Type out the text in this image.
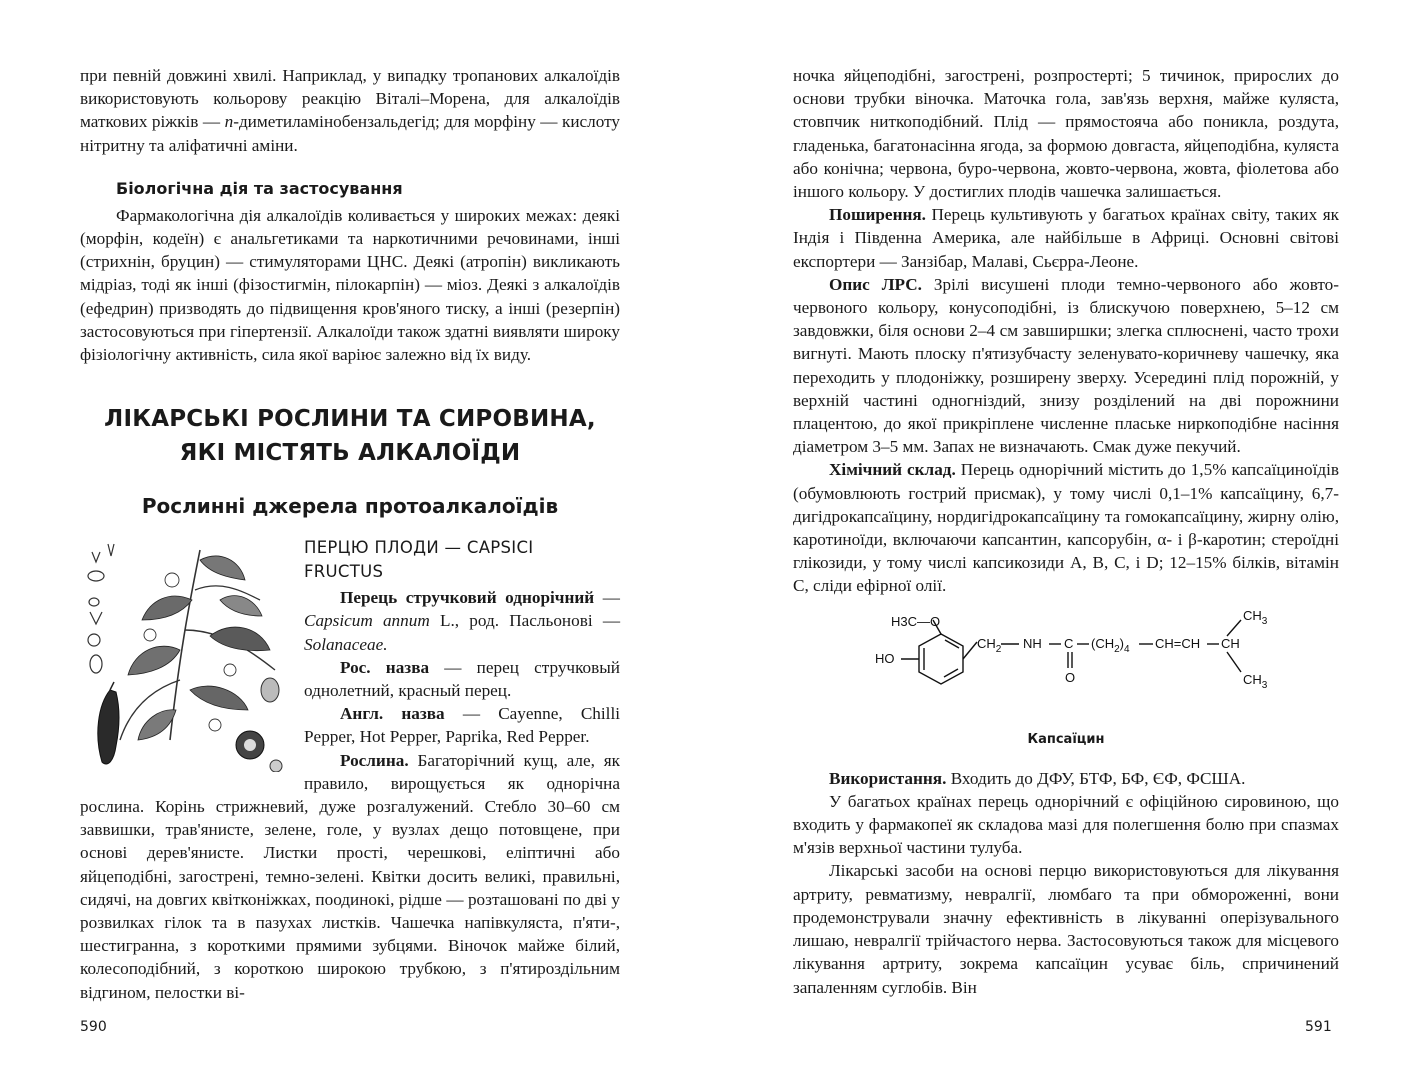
при певній довжині хвилі. Наприклад, у випадку тропанових алкалоїдів використовують кольорову реакцію Віталі–Морена, для алкалоїдів маткових ріжків — n-диметиламінобензальдегід; для морфіну — кислоту нітритну та аліфатичні аміни.

Біологічна дія та застосування

Фармакологічна дія алкалоїдів коливається у широких межах: деякі (морфін, кодеїн) є анальгетиками та наркотичними речовинами, інші (стрихнін, бруцин) — стимуляторами ЦНС. Деякі (атропін) викликають мідріаз, тоді як інші (фізостигмін, пілокарпін) — міоз. Деякі з алкалоїдів (ефедрин) призводять до підвищення кров'яного тиску, а інші (резерпін) застосовуються при гіпертензії. Алкалоїди також здатні виявляти широку фізіологічну активність, сила якої варіює залежно від їх виду.

ЛІКАРСЬКІ РОСЛИНИ ТА СИРОВИНА,
ЯКІ МІСТЯТЬ АЛКАЛОЇДИ
Рослинні джерела протоалкалоїдів
ПЕРЦЮ ПЛОДИ — CAPSICI
FRUCTUS

Перець стручковий однорічний — Capsicum annum L., род. Пасльонові — Solanaceae.

Рос. назва — перец стручковый однолетний, красный перец.

Англ. назва — Cayenne, Chilli Pepper, Hot Pepper, Paprika, Red Pepper.

Рослина. Багаторічний кущ, але, як правило, вирощується як однорічна рослина. Корінь стрижневий, дуже розгалужений. Стебло 30–60 см заввишки, трав'янисте, зелене, голе, у вузлах дещо потовщене, при основі дерев'янисте. Листки прості, черешкові, еліптичні або яйцеподібні, загострені, темно-зелені. Квітки досить великі, правильні, сидячі, на довгих квітконіжках, поодинокі, рідше — розташовані по дві у розвилках гілок та в пазухах листків. Чашечка напівкуляста, п'яти-, шестигранна, з короткими прямими зубцями. Віночок майже білий, колесоподібний, з короткою широкою трубкою, з п'ятироздільним відгином, пелостки ві-

590

ночка яйцеподібні, загострені, розпростерті; 5 тичинок, прирослих до основи трубки віночка. Маточка гола, зав'язь верхня, майже куляста, стовпчик ниткоподібний. Плід — прямостояча або поникла, роздута, гладенька, багатонасінна ягода, за формою довгаста, яйцеподібна, куляста або конічна; червона, буро-червона, жовто-червона, жовта, фіолетова або іншого кольору. У достиглих плодів чашечка залишається.

Поширення. Перець культивують у багатьох країнах світу, таких як Індія і Південна Америка, але найбільше в Африці. Основні світові експортери — Занзібар, Малаві, Сьєрра-Леоне.

Опис ЛРС. Зрілі висушені плоди темно-червоного або жовто-червоного кольору, конусоподібні, із блискучою поверхнею, 5–12 см завдовжки, біля основи 2–4 см завширшки; злегка сплюснені, часто трохи вигнуті. Мають плоску п'ятизубчасту зеленувато-коричневу чашечку, яка переходить у плодоніжку, розширену зверху. Усередині плід порожній, у верхній частині одногніздий, знизу розділений на дві порожнини плацентою, до якої прикріплене численне плаське ниркоподібне насіння діаметром 3–5 мм. Запах не визначають. Смак дуже пекучий.

Хімічний склад. Перець однорічний містить до 1,5% капсаїциноїдів (обумовлюють гострий присмак), у тому числі 0,1–1% капсаїцину, 6,7-дигідрокапсаїцину, нордигідрокапсаїцину та гомокапсаїцину, жирну олію, каротиноїди, включаючи капсантин, капсорубін, α- і β-каротин; стероїдні глікозиди, у тому числі капсикозиди А, В, С, і D; 12–15% білків, вітамін С, сліди ефірної олії.

H3C—O
HO
$CH_2$ NH C
O
$(CH_2)_4$ CH=CH CH
$CH_3$
$CH_3$
Капсаїцин

Використання. Входить до ДФУ, БТФ, БФ, ЄФ, ФСША.

У багатьох країнах перець однорічний є офіційною сировиною, що входить у фармакопеї як складова мазі для полегшення болю при спазмах м'язів верхньої частини тулуба.

Лікарські засоби на основі перцю використовуються для лікування артриту, ревматизму, невралгії, люмбаго та при обмороженні, вони продемонстрували значну ефективність в лікуванні оперізувального лишаю, невралгії трійчастого нерва. Застосовуються також для місцевого лікування артриту, зокрема капсаїцин усуває біль, спричинений запаленням суглобів. Він

591
